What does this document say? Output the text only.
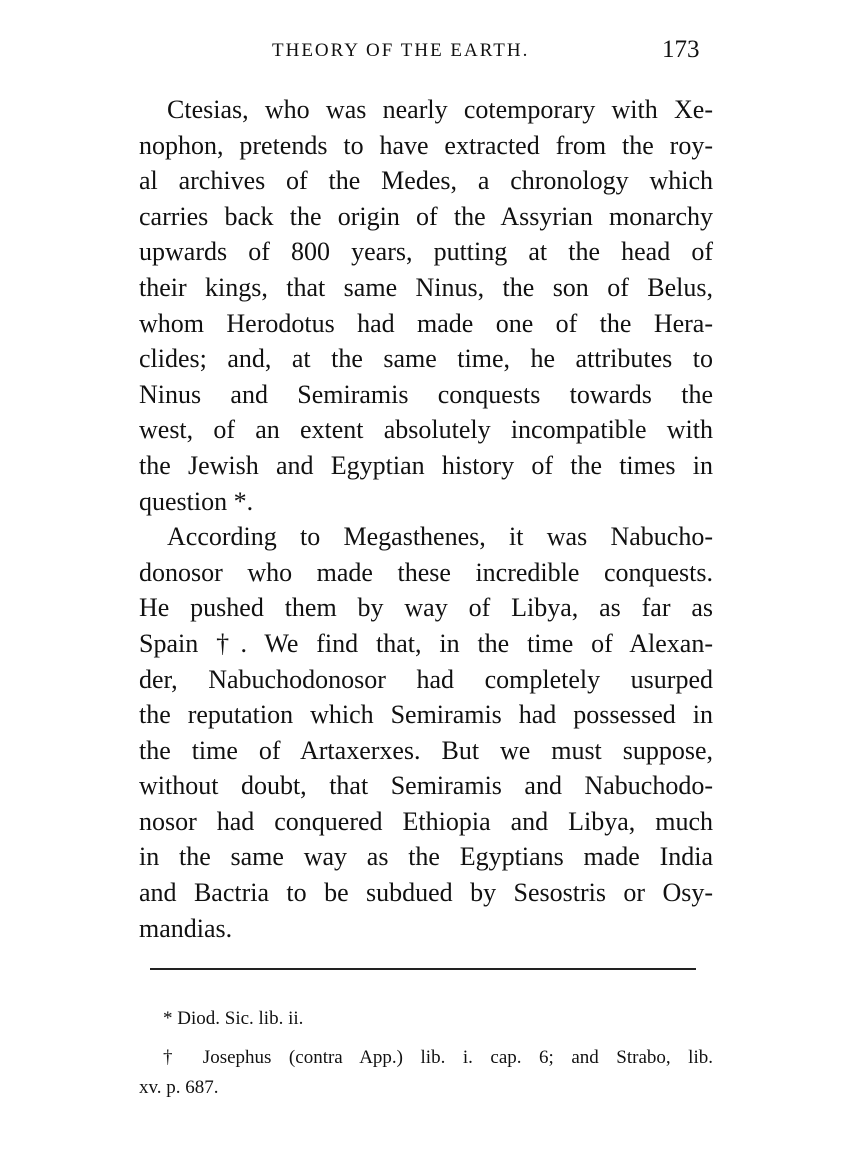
THEORY OF THE EARTH.	173
Ctesias, who was nearly cotemporary with Xe-
nophon, pretends to have extracted from the roy-
al archives of the Medes, a chronology which
carries back the origin of the Assyrian monarchy
upwards of 800 years, putting at the head of
their kings, that same Ninus, the son of Belus,
whom Herodotus had made one of the Hera-
clides; and, at the same time, he attributes to
Ninus and Semiramis conquests towards the
west, of an extent absolutely incompatible with
the Jewish and Egyptian history of the times in
question *.
According to Megasthenes, it was Nabucho-
donosor who made these incredible conquests.
He pushed them by way of Libya, as far as
Spain †. We find that, in the time of Alexan-
der, Nabuchodonosor had completely usurped
the reputation which Semiramis had possessed in
the time of Artaxerxes. But we must suppose,
without doubt, that Semiramis and Nabuchodo-
nosor had conquered Ethiopia and Libya, much
in the same way as the Egyptians made India
and Bactria to be subdued by Sesostris or Osy-
mandias.
* Diod. Sic. lib. ii.
† Josephus (contra App.) lib. i. cap. 6; and Strabo, lib.
xv. p. 687.
